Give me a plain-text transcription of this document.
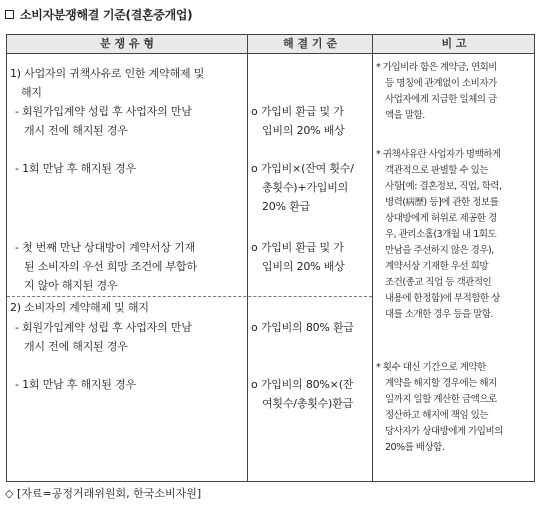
소비자분쟁해결 기준(결혼중개업)
분 쟁 유 형	해 결 기 준	비 고
1) 사업자의 귀책사유로 인한 계약해제 및
해지
- 회원가입계약 성립 후 사업자의 만남
개시 전에 해지된 경우
- 1회 만남 후 해지된 경우
- 첫 번째 만난 상대방이 계약서상 기재
된 소비자의 우선 희망 조건에 부합하
지 않아 해지된 경우
2) 소비자의 계약해제 및 해지
- 회원가입계약 성립 후 사업자의 만남
개시 전에 해지된 경우
- 1회 만남 후 해지된 경우
o 가입비 환급 및 가
입비의 20% 배상
o 가입비×(잔여 횟수/
총횟수)+가입비의
20% 환급
o 가입비 환급 및 가
입비의 20% 배상
o 가입비의 80% 환급
o 가입비의 80%×(잔
여횟수/총횟수)환급
* 가입비라 함은 계약금, 연회비
등 명칭에 관계없이 소비자가
사업자에게 지급한 일체의 금
액을 말함.
* 귀책사유란 사업자가 명백하게
객관적으로 판별할 수 있는
사항[예: 결혼정보, 직업, 학력,
병력(病歷) 등]에 관한 정보를
상대방에게 허위로 제공한 경
우, 관리소홀(3개월 내 1회도
만남을 주선하지 않은 경우),
계약서상 기재한 우선 희망
조건(종교 직업 등 객관적인
내용에 한정함)에 부적합한 상
대를 소개한 경우 등을 말함.
* 횟수 대신 기간으로 계약한
계약을 해지할 경우에는 해지
일까지 일할 계산한 금액으로
정산하고 해지에 책임 있는
당사자가 상대방에게 가입비의
20%를 배상함.
◇ [자료=공정거래위원회, 한국소비자원]
